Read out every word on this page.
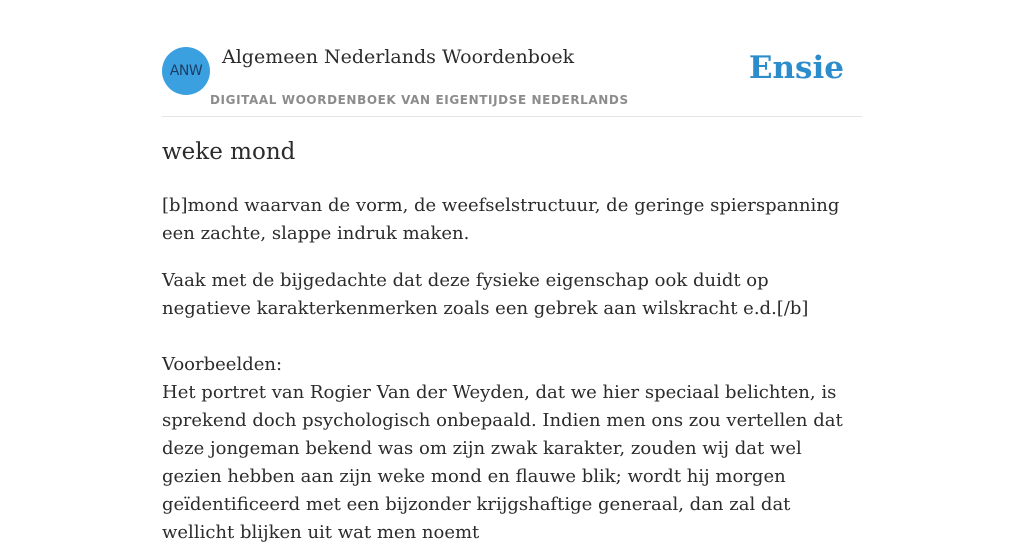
ANW
Algemeen Nederlands Woordenboek
DIGITAAL WOORDENBOEK VAN EIGENTIJDSE NEDERLANDS
Ensie
weke mond

[b]mond waarvan de vorm, de weefselstructuur, de geringe spierspanning een zachte, slappe indruk maken.

Vaak met de bijgedachte dat deze fysieke eigenschap ook duidt op negatieve karakterkenmerken zoals een gebrek aan wilskracht e.d.[/b]

Voorbeelden:
Het portret van Rogier Van der Weyden, dat we hier speciaal belichten, is sprekend doch psychologisch onbepaald. Indien men ons zou vertellen dat deze jongeman bekend was om zijn zwak karakter, zouden wij dat wel gezien hebben aan zijn weke mond en flauwe blik; wordt hij morgen geïdentificeerd met een bijzonder krijgshaftige generaal, dan zal dat wellicht blijken uit wat men noemt
